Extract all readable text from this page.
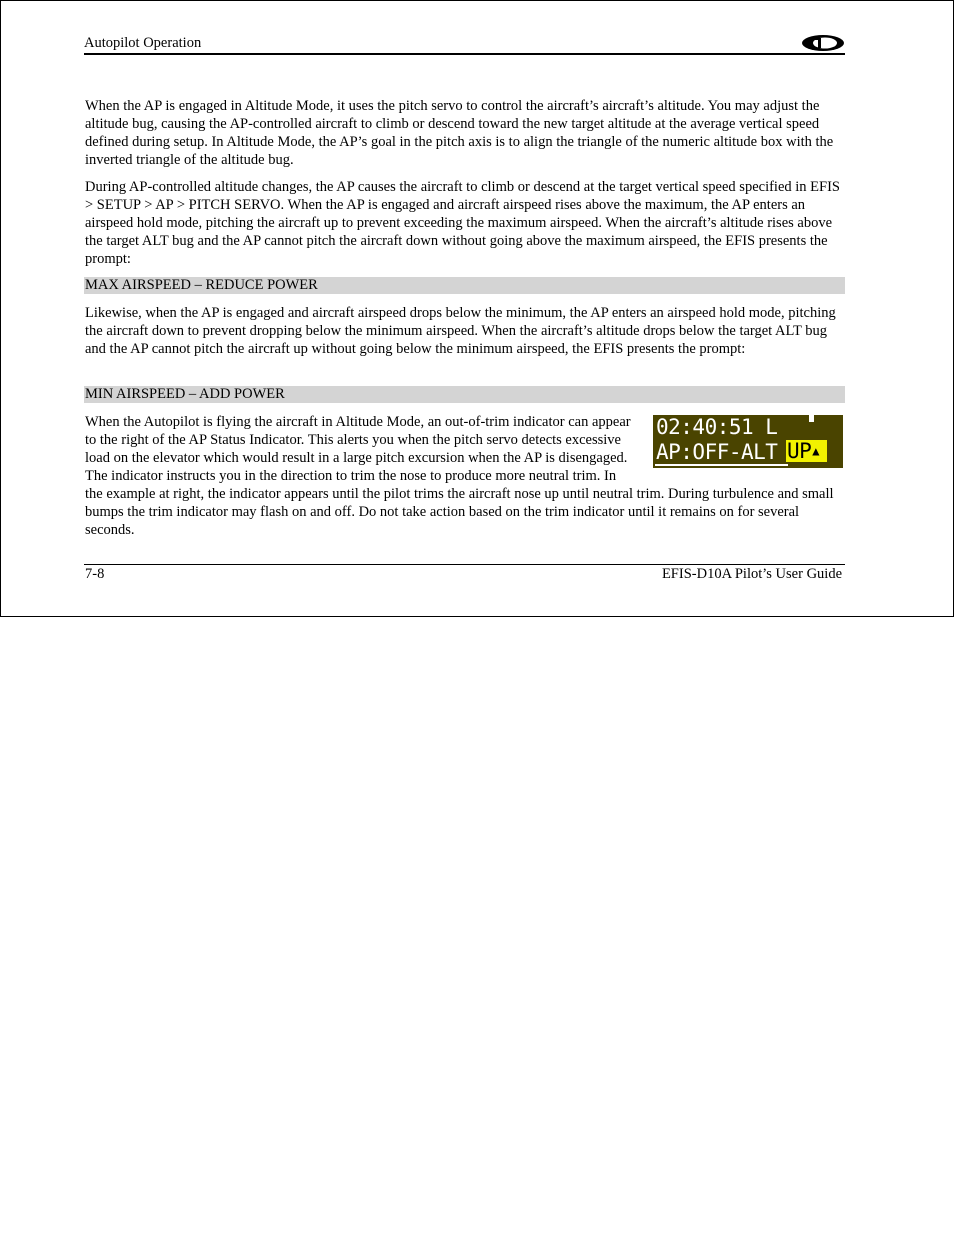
Autopilot Operation

When the AP is engaged in Altitude Mode, it uses the pitch servo to control the aircraft’s aircraft’s altitude. You may adjust the altitude bug, causing the AP-controlled aircraft to climb or descend toward the new target altitude at the average vertical speed defined during setup. In Altitude Mode, the AP’s goal in the pitch axis is to align the triangle of the numeric altitude box with the inverted triangle of the altitude bug.

During AP-controlled altitude changes, the AP causes the aircraft to climb or descend at the target vertical speed specified in EFIS > SETUP > AP > PITCH SERVO. When the AP is engaged and aircraft airspeed rises above the maximum, the AP enters an airspeed hold mode, pitching the aircraft up to prevent exceeding the maximum airspeed. When the aircraft’s altitude rises above the target ALT bug and the AP cannot pitch the aircraft down without going above the maximum airspeed, the EFIS presents the prompt:

MAX AIRSPEED – REDUCE POWER

Likewise, when the AP is engaged and aircraft airspeed drops below the minimum, the AP enters an airspeed hold mode, pitching the aircraft down to prevent dropping below the minimum airspeed. When the aircraft’s altitude drops below the target ALT bug and the AP cannot pitch the aircraft up without going below the minimum airspeed, the EFIS presents the prompt:

MIN AIRSPEED – ADD POWER
02:40:51 L
AP:OFF-ALT UP▲

When the Autopilot is flying the aircraft in Altitude Mode, an out-of-trim indicator can appear to the right of the AP Status Indicator. This alerts you when the pitch servo detects excessive load on the elevator which would result in a large pitch excursion when the AP is disengaged. The indicator instructs you in the direction to trim the nose to produce more neutral trim. In the example at right, the indicator appears until the pilot trims the aircraft nose up until neutral trim. During turbulence and small bumps the trim indicator may flash on and off. Do not take action based on the trim indicator until it remains on for several seconds.

7-8	EFIS-D10A Pilot’s User Guide
